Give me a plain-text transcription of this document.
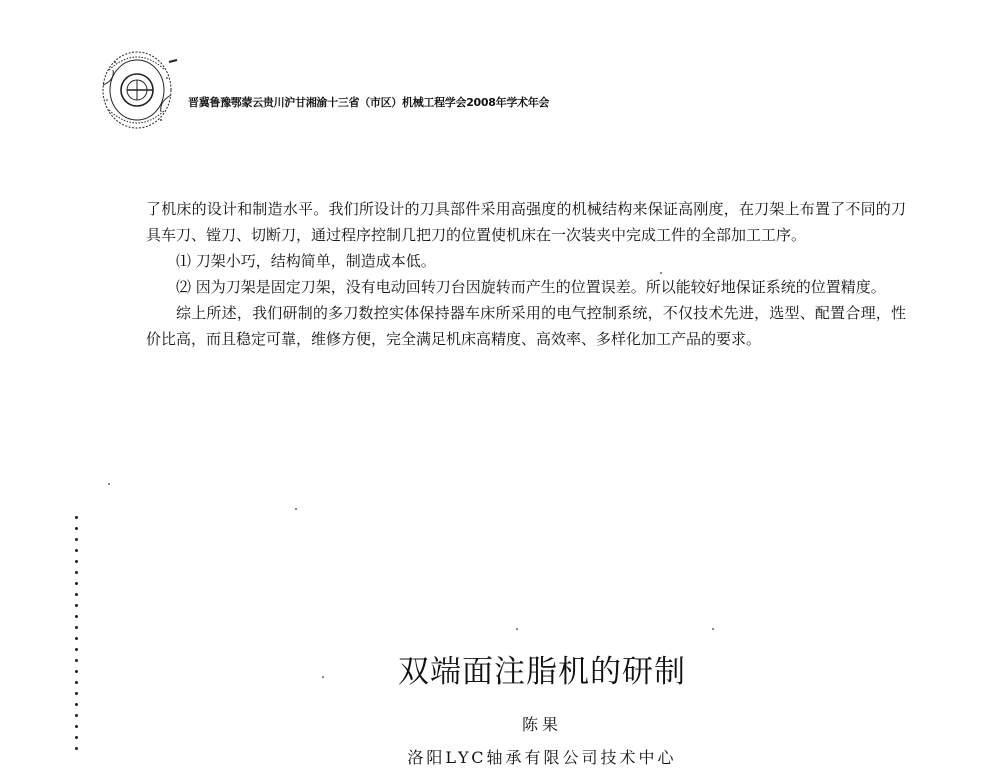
晋冀鲁豫鄂蒙云贵川沪甘湘渝十三省（市区）机械工程学会2008年学术年会

了机床的设计和制造水平。我们所设计的刀具部件采用高强度的机械结构来保证高刚度，在刀架上布置了不同的刀具车刀、镗刀、切断刀，通过程序控制几把刀的位置使机床在一次装夹中完成工件的全部加工工序。

⑴ 刀架小巧，结构简单，制造成本低。

⑵ 因为刀架是固定刀架，没有电动回转刀台因旋转而产生的位置误差。所以能较好地保证系统的位置精度。

综上所述，我们研制的多刀数控实体保持器车床所采用的电气控制系统，不仅技术先进，选型、配置合理，性价比高，而且稳定可靠，维修方便，完全满足机床高精度、高效率、多样化加工产品的要求。

双端面注脂机的研制
陈果
洛阳LYC轴承有限公司技术中心
